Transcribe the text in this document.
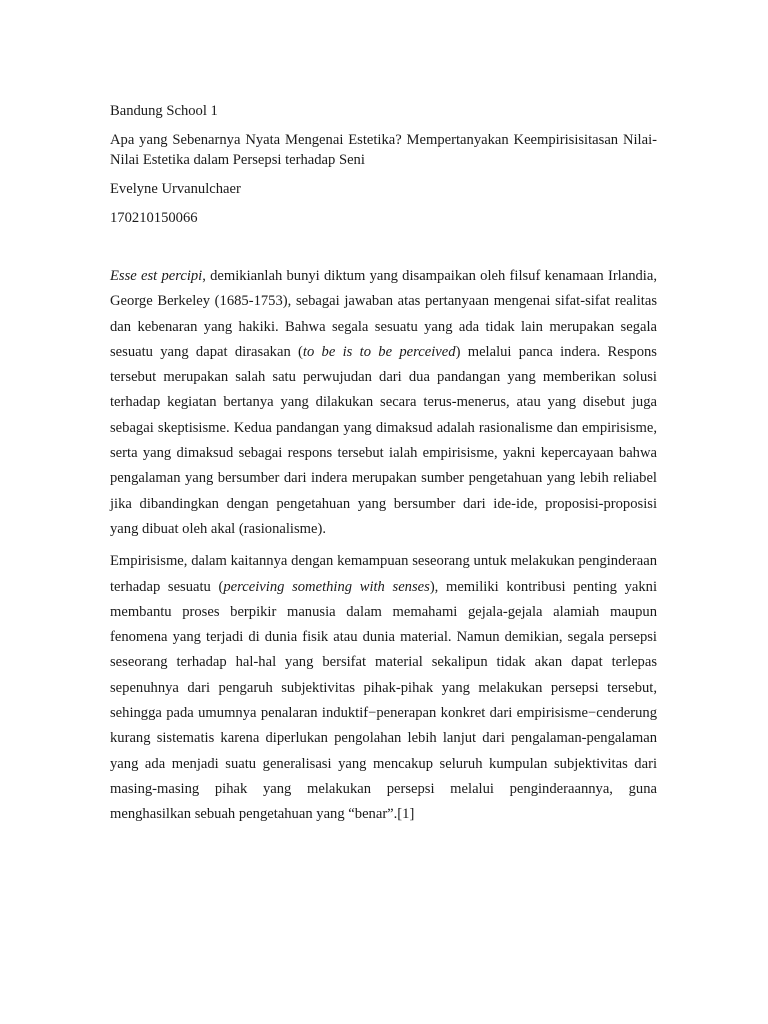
Bandung School 1

Apa yang Sebenarnya Nyata Mengenai Estetika? Mempertanyakan Keempirisisitasan Nilai-Nilai Estetika dalam Persepsi terhadap Seni

Evelyne Urvanulchaer

170210150066

Esse est percipi, demikianlah bunyi diktum yang disampaikan oleh filsuf kenamaan Irlandia, George Berkeley (1685-1753), sebagai jawaban atas pertanyaan mengenai sifat-sifat realitas dan kebenaran yang hakiki. Bahwa segala sesuatu yang ada tidak lain merupakan segala sesuatu yang dapat dirasakan (to be is to be perceived) melalui panca indera. Respons tersebut merupakan salah satu perwujudan dari dua pandangan yang memberikan solusi terhadap kegiatan bertanya yang dilakukan secara terus-menerus, atau yang disebut juga sebagai skeptisisme. Kedua pandangan yang dimaksud adalah rasionalisme dan empirisisme, serta yang dimaksud sebagai respons tersebut ialah empirisisme, yakni kepercayaan bahwa pengalaman yang bersumber dari indera merupakan sumber pengetahuan yang lebih reliabel jika dibandingkan dengan pengetahuan yang bersumber dari ide-ide, proposisi-proposisi yang dibuat oleh akal (rasionalisme).

Empirisisme, dalam kaitannya dengan kemampuan seseorang untuk melakukan penginderaan terhadap sesuatu (perceiving something with senses), memiliki kontribusi penting yakni membantu proses berpikir manusia dalam memahami gejala-gejala alamiah maupun fenomena yang terjadi di dunia fisik atau dunia material. Namun demikian, segala persepsi seseorang terhadap hal-hal yang bersifat material sekalipun tidak akan dapat terlepas sepenuhnya dari pengaruh subjektivitas pihak-pihak yang melakukan persepsi tersebut, sehingga pada umumnya penalaran induktif−penerapan konkret dari empirisisme−cenderung kurang sistematis karena diperlukan pengolahan lebih lanjut dari pengalaman-pengalaman yang ada menjadi suatu generalisasi yang mencakup seluruh kumpulan subjektivitas dari masing-masing pihak yang melakukan persepsi melalui penginderaannya, guna menghasilkan sebuah pengetahuan yang “benar”.[1]
